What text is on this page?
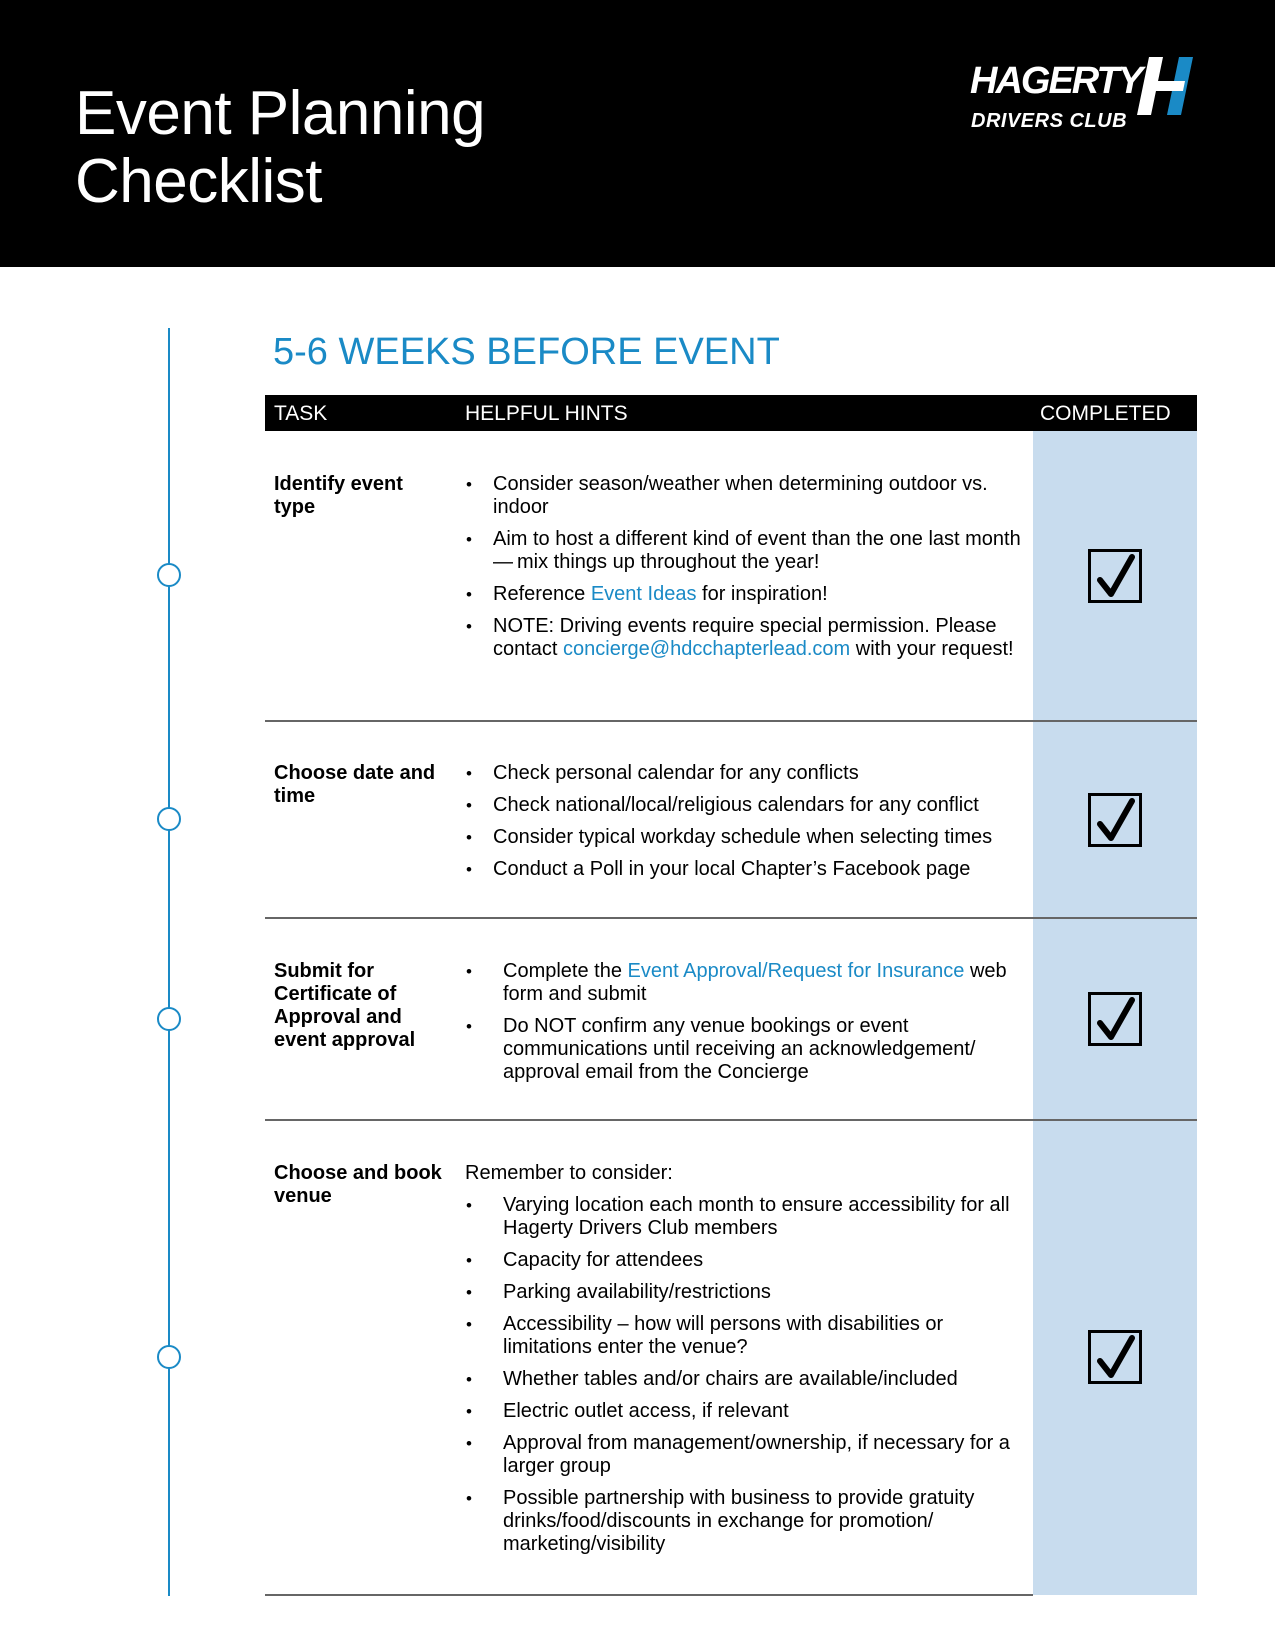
Event Planning
Checklist
HAGERTY
DRIVERS CLUB
5-6 WEEKS BEFORE EVENT
TASK	HELPFUL HINTS	COMPLETED
Identify event type
• Consider season/weather when determining outdoor vs. indoor
• Aim to host a different kind of event than the one last month — mix things up throughout the year!
• Reference Event Ideas for inspiration!
• NOTE: Driving events require special permission. Please contact concierge@hdcchapterlead.com with your request!
Choose date and time
• Check personal calendar for any conflicts
• Check national/local/religious calendars for any conflict
• Consider typical workday schedule when selecting times
• Conduct a Poll in your local Chapter’s Facebook page
Submit for Certificate of Approval and event approval
• Complete the Event Approval/Request for Insurance web form and submit
• Do NOT confirm any venue bookings or event communications until receiving an acknowledgement/ approval email from the Concierge
Choose and book venue
Remember to consider:
• Varying location each month to ensure accessibility for all Hagerty Drivers Club members
• Capacity for attendees
• Parking availability/restrictions
• Accessibility – how will persons with disabilities or limitations enter the venue?
• Whether tables and/or chairs are available/included
• Electric outlet access, if relevant
• Approval from management/ownership, if necessary for a larger group
• Possible partnership with business to provide gratuity drinks/food/discounts in exchange for promotion/ marketing/visibility
